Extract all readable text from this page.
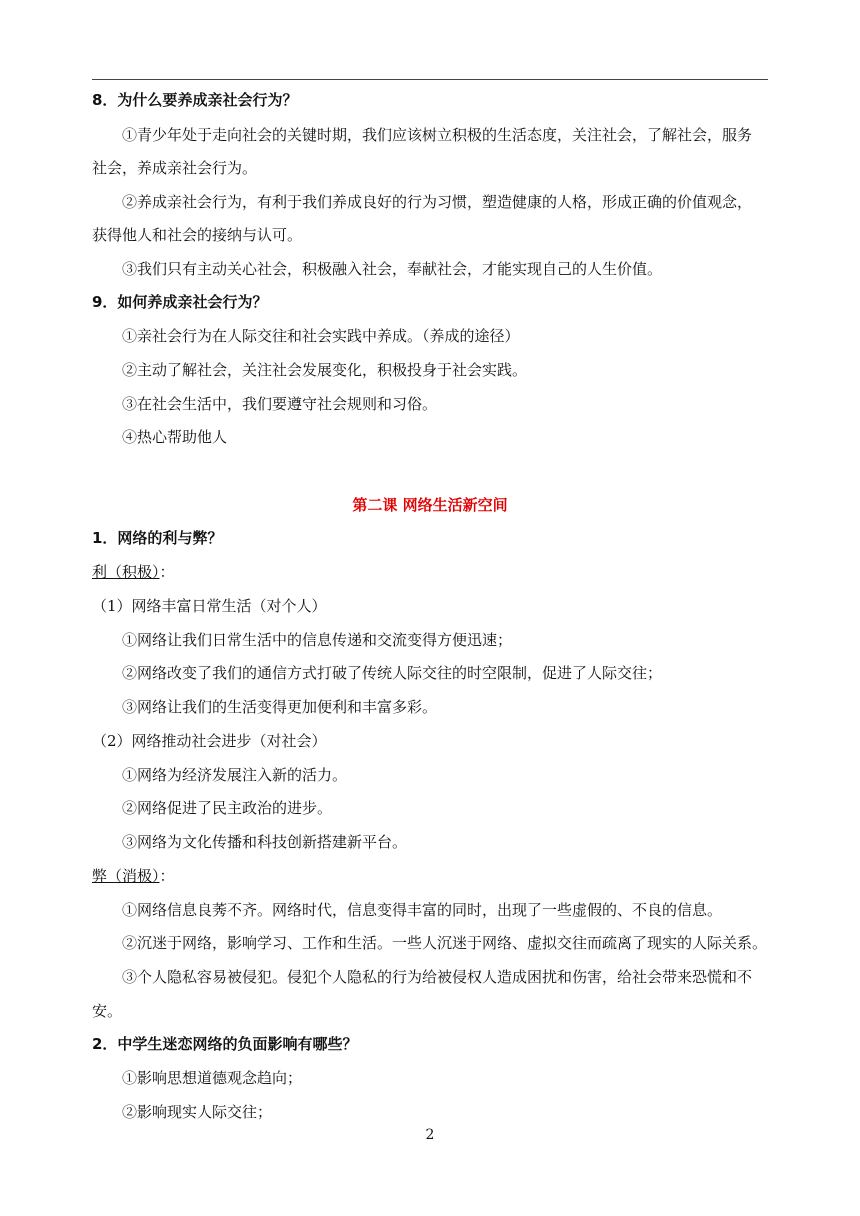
8．为什么要养成亲社会行为？
①青少年处于走向社会的关键时期，我们应该树立积极的生活态度，关注社会，了解社会，服务
社会，养成亲社会行为。
②养成亲社会行为，有利于我们养成良好的行为习惯，塑造健康的人格，形成正确的价值观念，
获得他人和社会的接纳与认可。
③我们只有主动关心社会，积极融入社会，奉献社会，才能实现自己的人生价值。
9．如何养成亲社会行为？
①亲社会行为在人际交往和社会实践中养成。（养成的途径）
②主动了解社会，关注社会发展变化，积极投身于社会实践。
③在社会生活中，我们要遵守社会规则和习俗。
④热心帮助他人
第二课 网络生活新空间
1．网络的利与弊？
利（积极）：
（1）网络丰富日常生活（对个人）
①网络让我们日常生活中的信息传递和交流变得方便迅速；
②网络改变了我们的通信方式打破了传统人际交往的时空限制，促进了人际交往；
③网络让我们的生活变得更加便利和丰富多彩。
（2）网络推动社会进步（对社会）
①网络为经济发展注入新的活力。
②网络促进了民主政治的进步。
③网络为文化传播和科技创新搭建新平台。
弊（消极）：
①网络信息良莠不齐。网络时代，信息变得丰富的同时，出现了一些虚假的、不良的信息。
②沉迷于网络，影响学习、工作和生活。一些人沉迷于网络、虚拟交往而疏离了现实的人际关系。
③个人隐私容易被侵犯。侵犯个人隐私的行为给被侵权人造成困扰和伤害，给社会带来恐慌和不
安。
2．中学生迷恋网络的负面影响有哪些？
①影响思想道德观念趋向；
②影响现实人际交往；
2
